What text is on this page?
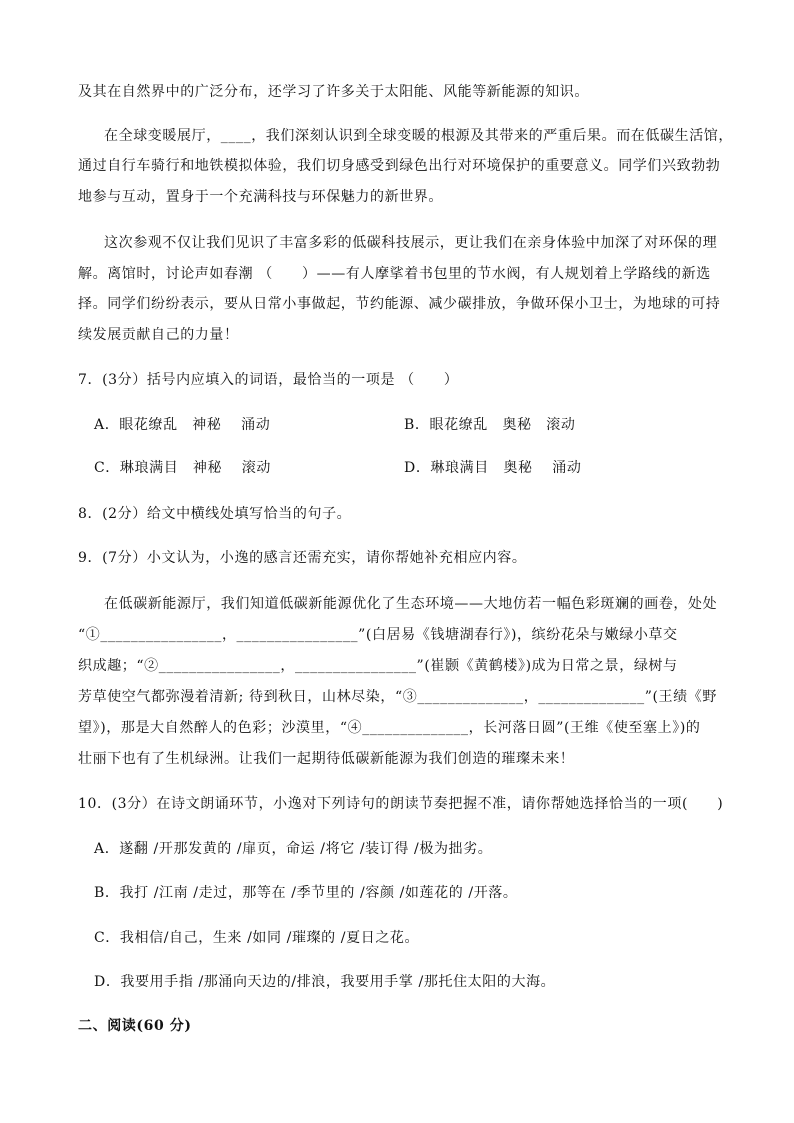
及其在自然界中的广泛分布，还学习了许多关于太阳能、风能等新能源的知识。
在全球变暖展厅，____，我们深刻认识到全球变暖的根源及其带来的严重后果。而在低碳生活馆，
通过自行车骑行和地铁模拟体验，我们切身感受到绿色出行对环境保护的重要意义。同学们兴致勃勃
地参与互动，置身于一个充满科技与环保魅力的新世界。
这次参观不仅让我们见识了丰富多彩的低碳科技展示，更让我们在亲身体验中加深了对环保的理
解。离馆时，讨论声如春潮 （　　）——有人摩挲着书包里的节水阀，有人规划着上学路线的新选
择。同学们纷纷表示，要从日常小事做起，节约能源、减少碳排放，争做环保小卫士，为地球的可持
续发展贡献自己的力量！
7．(3分）括号内应填入的词语，最恰当的一项是 （　　）
A．眼花缭乱　神秘　 涌动	B．眼花缭乱　奥秘　滚动
C．琳琅满目　神秘　 滚动	D．琳琅满目　奥秘　 涌动
8．(2分）给文中横线处填写恰当的句子。
9．(7分）小文认为，小逸的感言还需充实，请你帮她补充相应内容。
在低碳新能源厅，我们知道低碳新能源优化了生态环境——大地仿若一幅色彩斑斓的画卷，处处
“①________________，________________”(白居易《钱塘湖春行》)，缤纷花朵与嫩绿小草交
织成趣；“②________________，________________”(崔颢《黄鹤楼》)成为日常之景，绿树与
芳草使空气都弥漫着清新; 待到秋日，山林尽染，“③______________，______________”(王绩《野
望》)，那是大自然醉人的色彩；沙漠里，“④______________，长河落日圆”(王维《使至塞上》)的
壮丽下也有了生机绿洲。让我们一起期待低碳新能源为我们创造的璀璨未来！
10．(3分）在诗文朗诵环节，小逸对下列诗句的朗读节奏把握不准，请你帮她选择恰当的一项(　　)
A．遂翻 /开那发黄的 /扉页，命运 /将它 /装订得 /极为拙劣。
B．我打 /江南 /走过，那等在 /季节里的 /容颜 /如莲花的 /开落。
C．我相信/自己，生来 /如同 /璀璨的 /夏日之花。
D．我要用手指 /那涌向天边的/排浪，我要用手掌 /那托住太阳的大海。
二、阅读(60 分)
